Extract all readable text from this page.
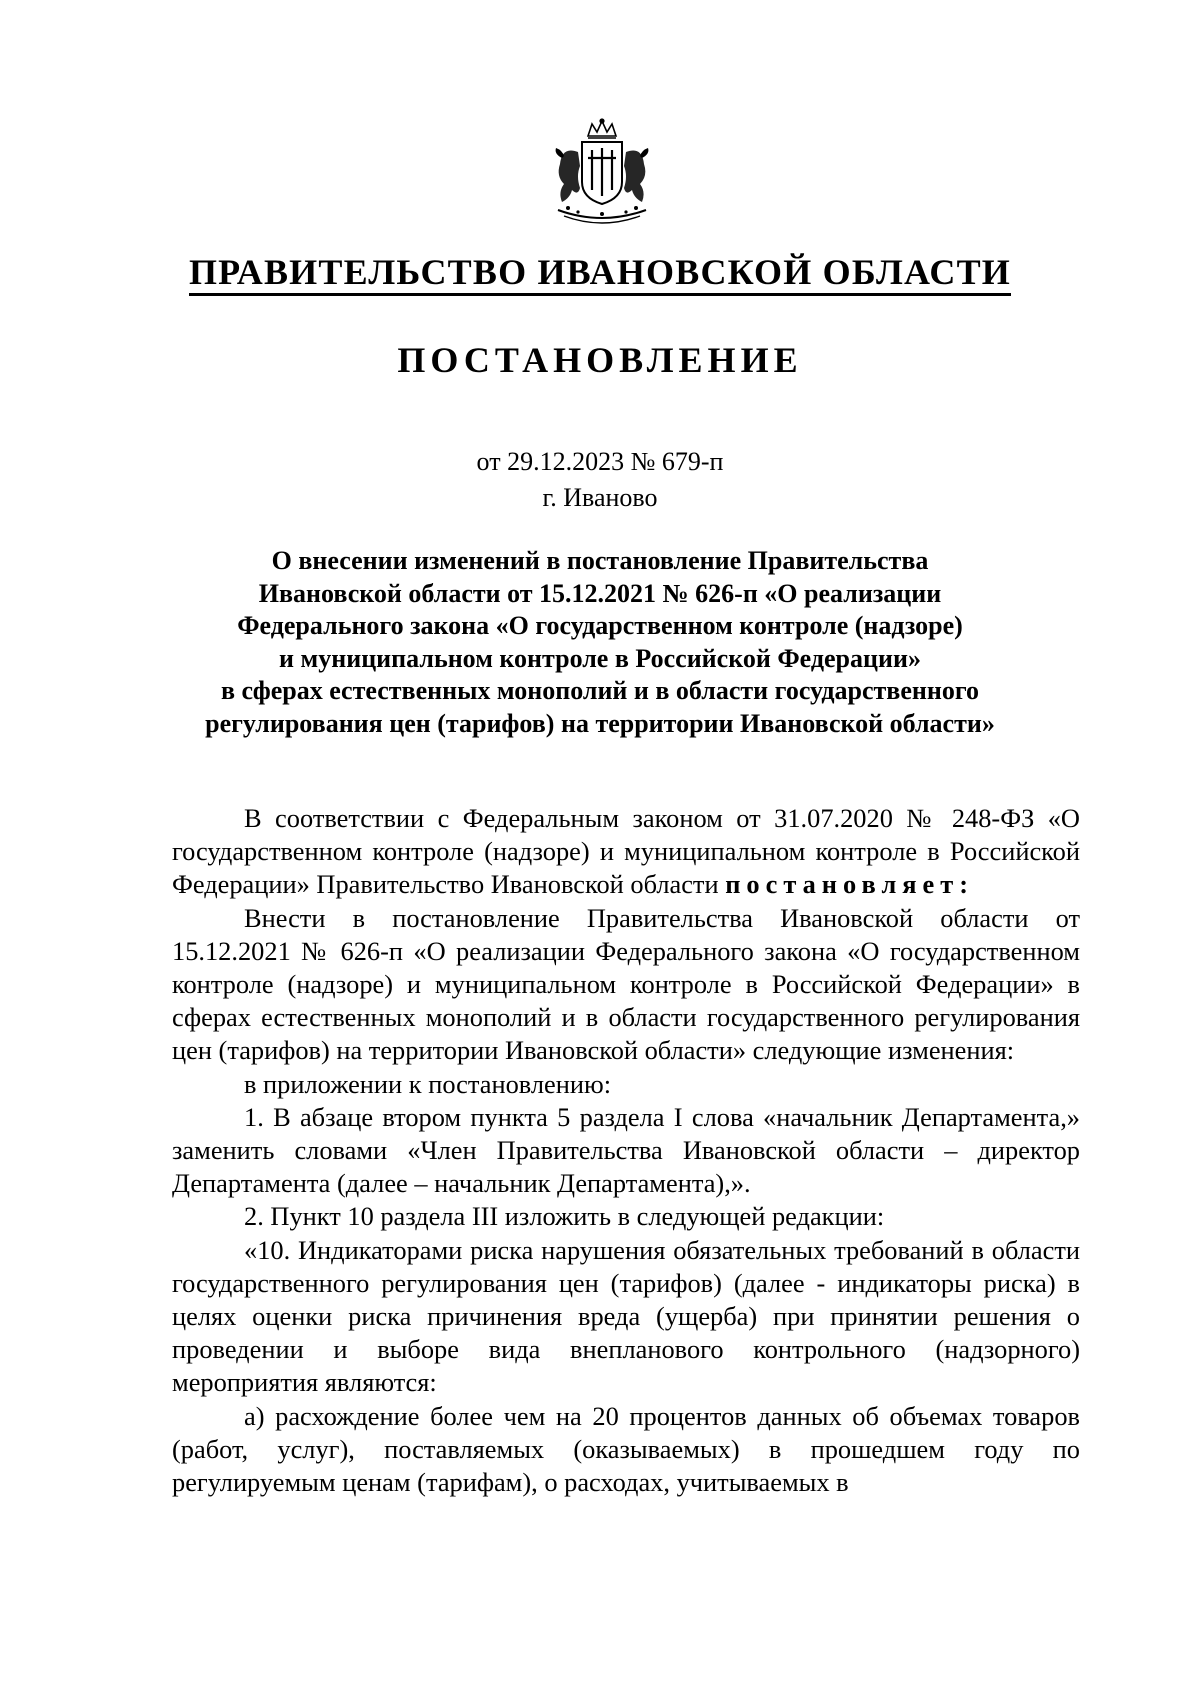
ПРАВИТЕЛЬСТВО ИВАНОВСКОЙ ОБЛАСТИ
ПОСТАНОВЛЕНИЕ
от 29.12.2023 № 679-п
г. Иваново
О внесении изменений в постановление Правительства
Ивановской области от 15.12.2021 № 626-п «О реализации
Федерального закона «О государственном контроле (надзоре)
и муниципальном контроле в Российской Федерации»
в сферах естественных монополий и в области государственного
регулирования цен (тарифов) на территории Ивановской области»

В соответствии с Федеральным законом от 31.07.2020 № 248-ФЗ «О государственном контроле (надзоре) и муниципальном контроле в Российской Федерации» Правительство Ивановской области постановляет:

Внести в постановление Правительства Ивановской области от 15.12.2021 № 626-п «О реализации Федерального закона «О государственном контроле (надзоре) и муниципальном контроле в Российской Федерации» в сферах естественных монополий и в области государственного регулирования цен (тарифов) на территории Ивановской области» следующие изменения:

в приложении к постановлению:

1. В абзаце втором пункта 5 раздела I слова «начальник Департамента,» заменить словами «Член Правительства Ивановской области – директор Департамента (далее – начальник Департамента),».

2. Пункт 10 раздела III изложить в следующей редакции:

«10. Индикаторами риска нарушения обязательных требований в области государственного регулирования цен (тарифов) (далее - индикаторы риска) в целях оценки риска причинения вреда (ущерба) при принятии решения о проведении и выборе вида внепланового контрольного (надзорного) мероприятия являются:

а) расхождение более чем на 20 процентов данных об объемах товаров (работ, услуг), поставляемых (оказываемых) в прошедшем году по регулируемым ценам (тарифам), о расходах, учитываемых в
